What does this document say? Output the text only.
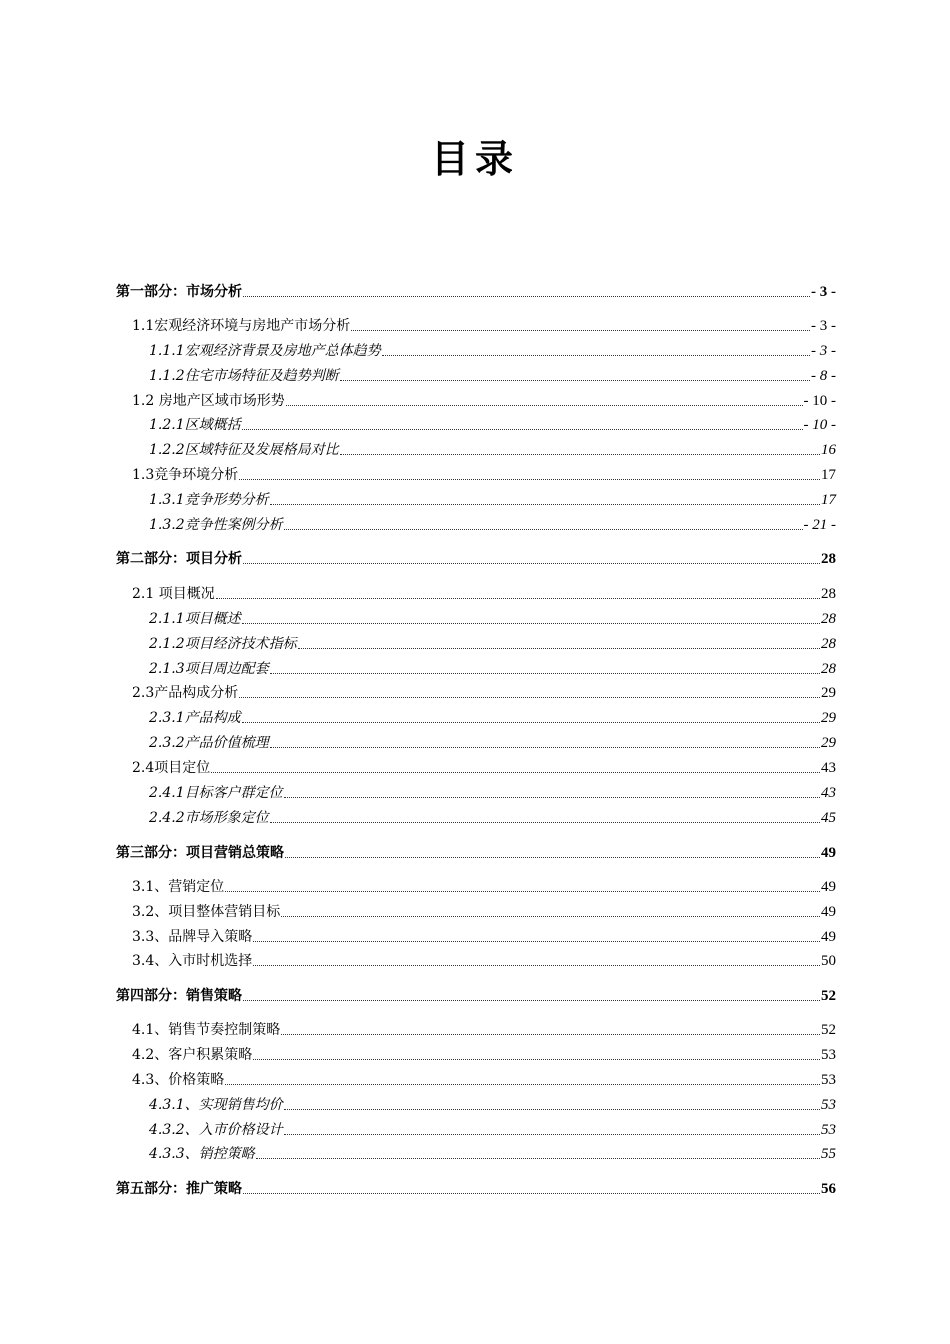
目录
第一部分：市场分析	- 3 -
1.1宏观经济环境与房地产市场分析	- 3 -
1.1.1宏观经济背景及房地产总体趋势	- 3 -
1.1.2住宅市场特征及趋势判断	- 8 -
1.2 房地产区域市场形势	- 10 -
1.2.1区域概括	- 10 -
1.2.2区域特征及发展格局对比	16
1.3竞争环境分析	17
1.3.1竞争形势分析	17
1.3.2竞争性案例分析	- 21 -
第二部分：项目分析	28
2.1 项目概况	28
2.1.1项目概述	28
2.1.2项目经济技术指标	28
2.1.3项目周边配套	28
2.3产品构成分析	29
2.3.1产品构成	29
2.3.2产品价值梳理	29
2.4项目定位	43
2.4.1目标客户群定位	43
2.4.2市场形象定位	45
第三部分：项目营销总策略	49
3.1、营销定位	49
3.2、项目整体营销目标	49
3.3、品牌导入策略	49
3.4、入市时机选择	50
第四部分：销售策略	52
4.1、销售节奏控制策略	52
4.2、客户积累策略	53
4.3、价格策略	53
4.3.1、实现销售均价	53
4.3.2、入市价格设计	53
4.3.3、销控策略	55
第五部分：推广策略	56
